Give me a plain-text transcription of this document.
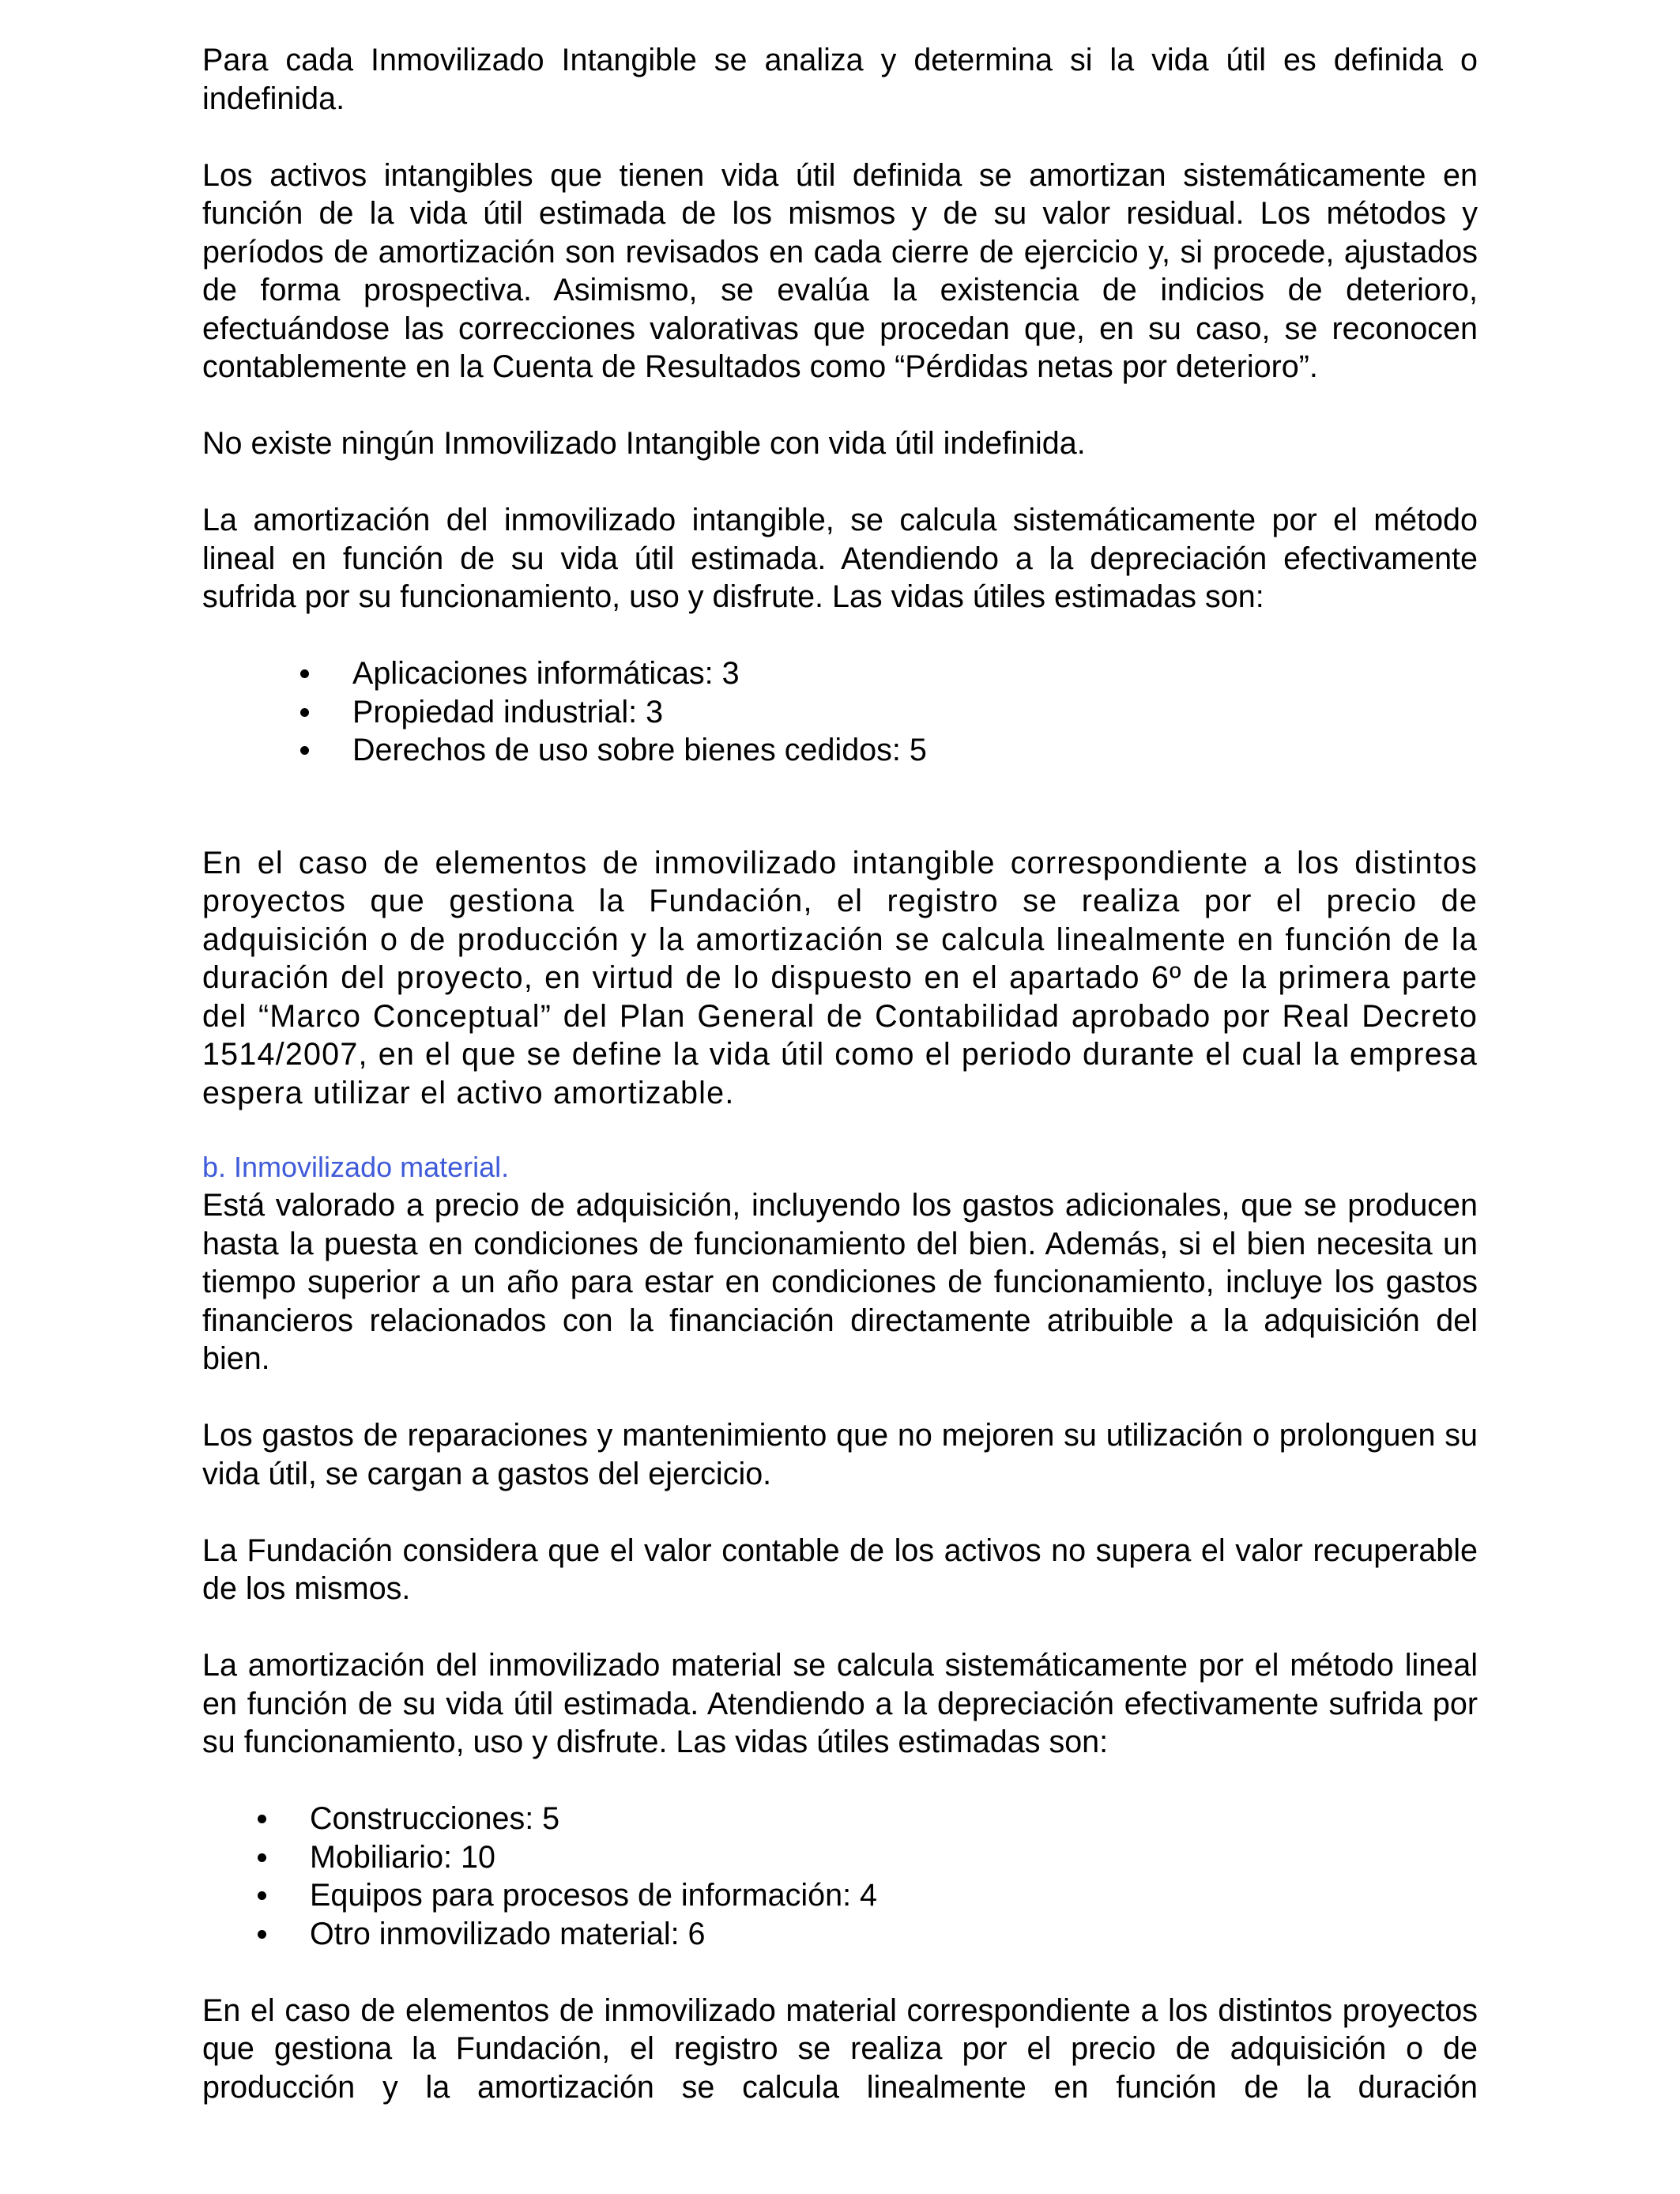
Para cada Inmovilizado Intangible se analiza y determina si la vida útil es definida o indefinida.

Los activos intangibles que tienen vida útil definida se amortizan sistemáticamente en función de la vida útil estimada de los mismos y de su valor residual. Los métodos y períodos de amortización son revisados en cada cierre de ejercicio y, si procede, ajustados de forma prospectiva. Asimismo, se evalúa la existencia de indicios de deterioro, efectuándose las correcciones valorativas que procedan que, en su caso, se reconocen contablemente en la Cuenta de Resultados como “Pérdidas netas por deterioro”.

No existe ningún Inmovilizado Intangible con vida útil indefinida.

La amortización del inmovilizado intangible, se calcula sistemáticamente por el método lineal en función de su vida útil estimada. Atendiendo a la depreciación efectivamente sufrida por su funcionamiento, uso y disfrute. Las vidas útiles estimadas son:

Aplicaciones informáticas: 3
Propiedad industrial: 3
Derechos de uso sobre bienes cedidos: 5

En el caso de elementos de inmovilizado intangible correspondiente a los distintos proyectos que gestiona la Fundación, el registro se realiza por el precio de adquisición o de producción y la amortización se calcula linealmente en función de la duración del proyecto, en virtud de lo dispuesto en el apartado 6º de la primera parte del “Marco Conceptual” del Plan General de Contabilidad aprobado por Real Decreto 1514/2007, en el que se define la vida útil como el periodo durante el cual la empresa espera utilizar el activo amortizable.

b. Inmovilizado material.

Está valorado a precio de adquisición, incluyendo los gastos adicionales, que se producen hasta la puesta en condiciones de funcionamiento del bien. Además, si el bien necesita un tiempo superior a un año para estar en condiciones de funcionamiento, incluye los gastos financieros relacionados con la financiación directamente atribuible a la adquisición del bien.

Los gastos de reparaciones y mantenimiento que no mejoren su utilización o prolonguen su vida útil, se cargan a gastos del ejercicio.

La Fundación considera que el valor contable de los activos no supera el valor recuperable de los mismos.

La amortización del inmovilizado material se calcula sistemáticamente por el método lineal en función de su vida útil estimada. Atendiendo a la depreciación efectivamente sufrida por su funcionamiento, uso y disfrute. Las vidas útiles estimadas son:

Construcciones: 5
Mobiliario: 10
Equipos para procesos de información: 4
Otro inmovilizado material: 6

En el caso de elementos de inmovilizado material correspondiente a los distintos proyectos que gestiona la Fundación, el registro se realiza por el precio de adquisición o de producción y la amortización se calcula linealmente en función de la duración
